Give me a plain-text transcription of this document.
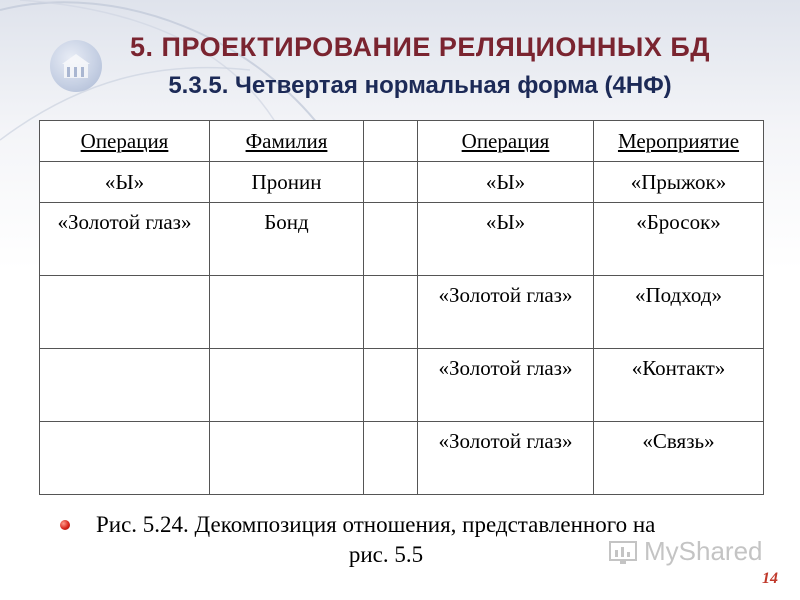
5. ПРОЕКТИРОВАНИЕ РЕЛЯЦИОННЫХ БД
5.3.5. Четвертая нормальная форма (4НФ)
Операция	Фамилия		Операция	Мероприятие
«Ы»	Пронин		«Ы»	«Прыжок»
«Золотой глаз»	Бонд		«Ы»	«Бросок»
			«Золотой глаз»	«Подход»
			«Золотой глаз»	«Контакт»
			«Золотой глаз»	«Связь»
Рис. 5.24. Декомпозиция отношения, представленного на
рис. 5.5	MyShared
14
